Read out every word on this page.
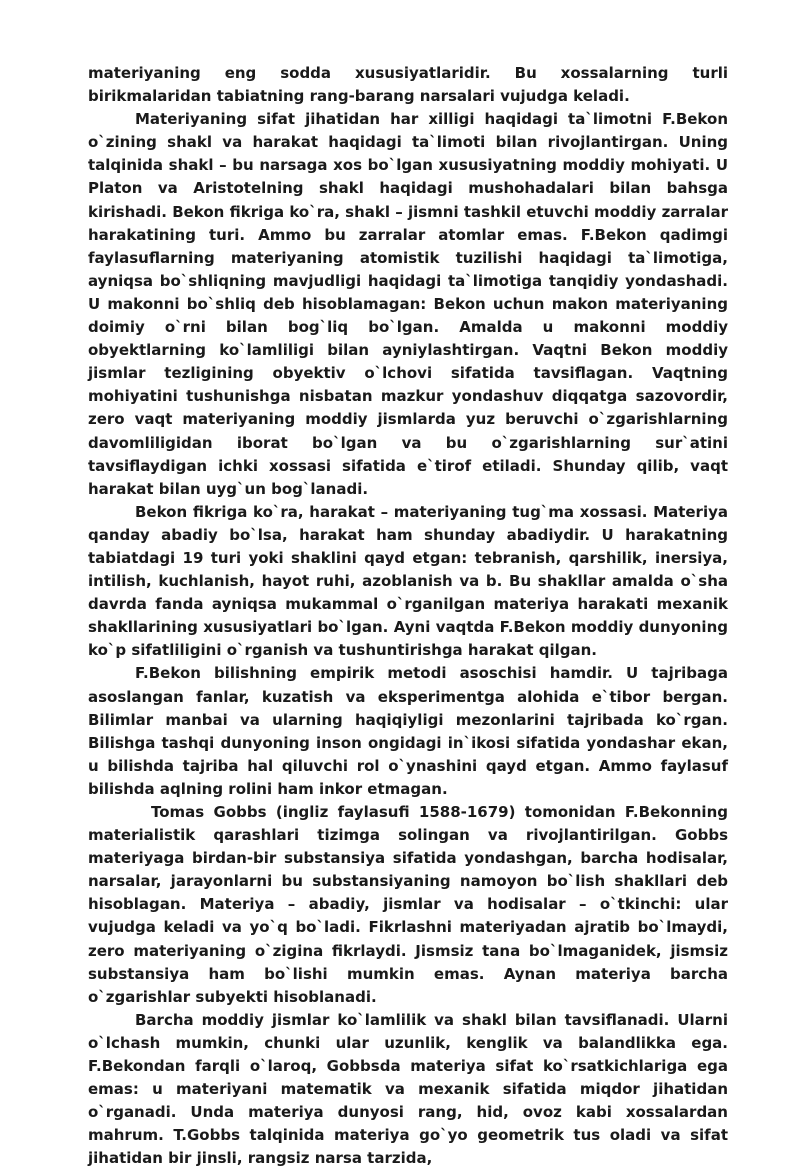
materiyaning eng sodda xususiyatlaridir. Bu xossalarning turli birikmalaridan tabiatning rang-barang narsalari vujudga keladi.

Materiyaning sifat jihatidan har xilligi haqidagi ta`limotni F.Bekon o`zining shakl va harakat haqidagi ta`limoti bilan rivojlantirgan. Uning talqinida shakl – bu narsaga xos bo`lgan xususiyatning moddiy mohiyati. U Platon va Aristotelning shakl haqidagi mushohadalari bilan bahsga kirishadi. Bekon fikriga ko`ra, shakl – jismni tashkil etuvchi moddiy zarralar harakatining turi. Ammo bu zarralar atomlar emas. F.Bekon qadimgi faylasuflarning materiyaning atomistik tuzilishi haqidagi ta`limotiga, ayniqsa bo`shliqning mavjudligi haqidagi ta`limotiga tanqidiy yondashadi. U makonni bo`shliq deb hisoblamagan: Bekon uchun makon materiyaning doimiy o`rni bilan bog`liq bo`lgan. Amalda u makonni moddiy obyektlarning ko`lamliligi bilan ayniylashtirgan. Vaqtni Bekon moddiy jismlar tezligining obyektiv o`lchovi sifatida tavsiflagan. Vaqtning mohiyatini tushunishga nisbatan mazkur yondashuv diqqatga sazovordir, zero vaqt materiyaning moddiy jismlarda yuz beruvchi o`zgarishlarning davomliligidan iborat bo`lgan va bu o`zgarishlarning sur`atini tavsiflaydigan ichki xossasi sifatida e`tirof etiladi. Shunday qilib, vaqt harakat bilan uyg`un bog`lanadi.

Bekon fikriga ko`ra, harakat – materiyaning tug`ma xossasi. Materiya qanday abadiy bo`lsa, harakat ham shunday abadiydir. U harakatning tabiatdagi 19 turi yoki shaklini qayd etgan: tebranish, qarshilik, inersiya, intilish, kuchlanish, hayot ruhi, azoblanish va b. Bu shakllar amalda o`sha davrda fanda ayniqsa mukammal o`rganilgan materiya harakati mexanik shakllarining xususiyatlari bo`lgan. Ayni vaqtda F.Bekon moddiy dunyoning ko`p sifatliligini o`rganish va tushuntirishga harakat qilgan.

F.Bekon bilishning empirik metodi asoschisi hamdir. U tajribaga asoslangan fanlar, kuzatish va eksperimentga alohida e`tibor bergan. Bilimlar manbai va ularning haqiqiyligi mezonlarini tajribada ko`rgan. Bilishga tashqi dunyoning inson ongidagi in`ikosi sifatida yondashar ekan, u bilishda tajriba hal qiluvchi rol o`ynashini qayd etgan. Ammo faylasuf bilishda aqlning rolini ham inkor etmagan.

Tomas Gobbs (ingliz faylasufi 1588-1679) tomonidan F.Bekonning materialistik qarashlari tizimga solingan va rivojlantirilgan. Gobbs materiyaga birdan-bir substansiya sifatida yondashgan, barcha hodisalar, narsalar, jarayonlarni bu substansiyaning namoyon bo`lish shakllari deb hisoblagan. Materiya – abadiy, jismlar va hodisalar – o`tkinchi: ular vujudga keladi va yo`q bo`ladi. Fikrlashni materiyadan ajratib bo`lmaydi, zero materiyaning o`zigina fikrlaydi. Jismsiz tana bo`lmaganidek, jismsiz substansiya ham bo`lishi mumkin emas. Aynan materiya barcha o`zgarishlar subyekti hisoblanadi.

Barcha moddiy jismlar ko`lamlilik va shakl bilan tavsiflanadi. Ularni o`lchash mumkin, chunki ular uzunlik, kenglik va balandlikka ega. F.Bekondan farqli o`laroq, Gobbsda materiya sifat ko`rsatkichlariga ega emas: u materiyani matematik va mexanik sifatida miqdor jihatidan o`rganadi. Unda materiya dunyosi rang, hid, ovoz kabi xossalardan mahrum. T.Gobbs talqinida materiya go`yo geometrik tus oladi va sifat jihatidan bir jinsli, rangsiz narsa tarzida,
